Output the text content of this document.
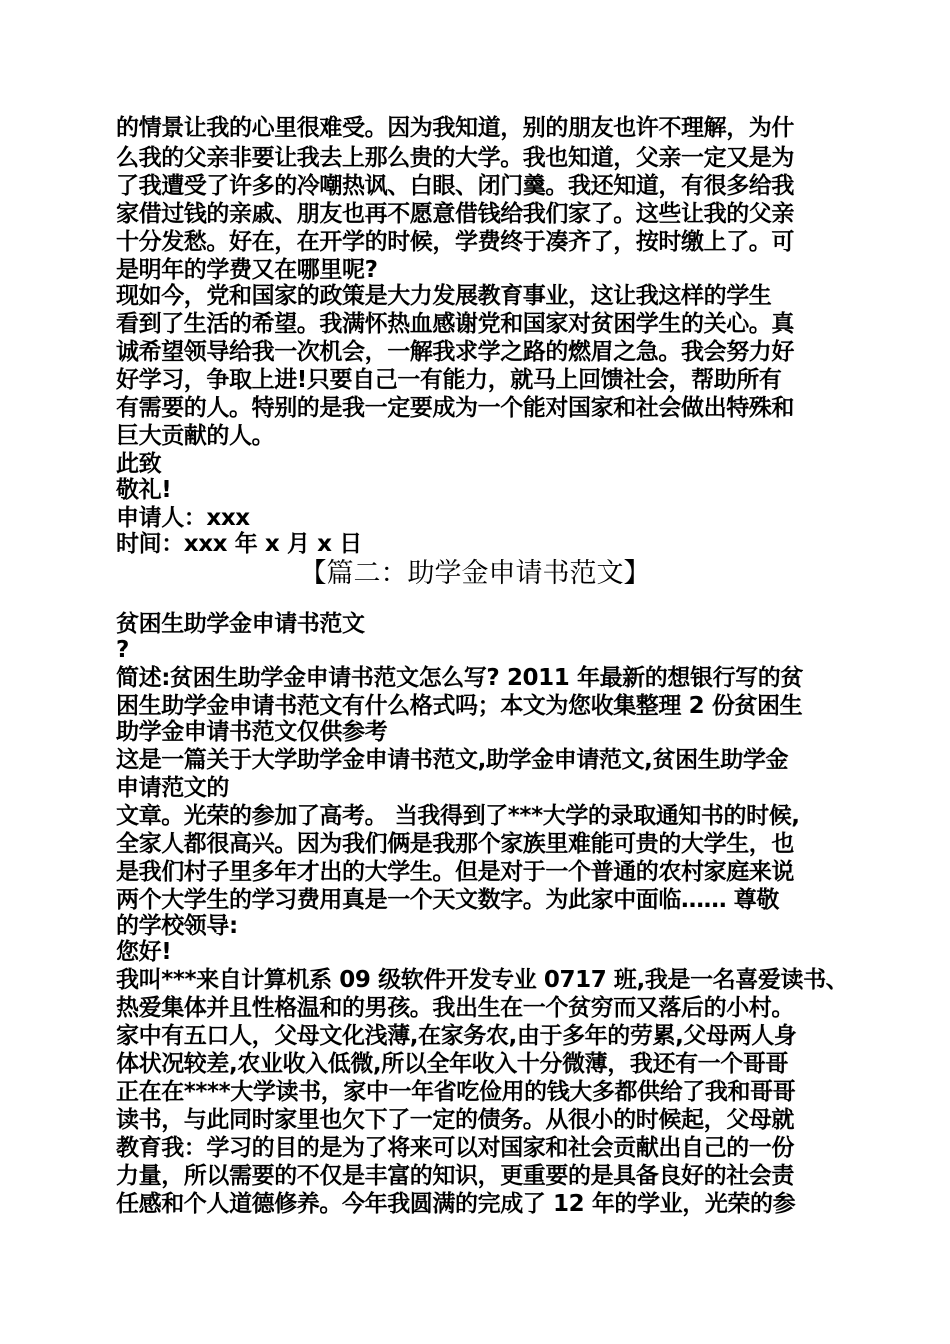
的情景让我的心里很难受。因为我知道，别的朋友也许不理解，为什
么我的父亲非要让我去上那么贵的大学。我也知道，父亲一定又是为
了我遭受了许多的冷嘲热讽、白眼、闭门羹。我还知道，有很多给我
家借过钱的亲戚、朋友也再不愿意借钱给我们家了。这些让我的父亲
十分发愁。好在，在开学的时候，学费终于凑齐了，按时缴上了。可
是明年的学费又在哪里呢?
现如今，党和国家的政策是大力发展教育事业，这让我这样的学生
看到了生活的希望。我满怀热血感谢党和国家对贫困学生的关心。真
诚希望领导给我一次机会，一解我求学之路的燃眉之急。我会努力好
好学习，争取上进!只要自己一有能力，就马上回馈社会，帮助所有
有需要的人。特别的是我一定要成为一个能对国家和社会做出特殊和
巨大贡献的人。
此致
敬礼!
申请人：xxx
时间：xxx 年 x 月 x 日
【篇二：助学金申请书范文】
贫困生助学金申请书范文
?
简述:贫困生助学金申请书范文怎么写? 2011 年最新的想银行写的贫
困生助学金申请书范文有什么格式吗；本文为您收集整理 2 份贫困生
助学金申请书范文仅供参考
这是一篇关于大学助学金申请书范文,助学金申请范文,贫困生助学金
申请范文的
文章。光荣的参加了高考。 当我得到了***大学的录取通知书的时候,
全家人都很高兴。因为我们俩是我那个家族里难能可贵的大学生，也
是我们村子里多年才出的大学生。但是对于一个普通的农村家庭来说
两个大学生的学习费用真是一个天文数字。为此家中面临…… 尊敬
的学校领导:
您好!
我叫***来自计算机系 09 级软件开发专业 0717 班,我是一名喜爱读书、
热爱集体并且性格温和的男孩。我出生在一个贫穷而又落后的小村。
家中有五口人，父母文化浅薄,在家务农,由于多年的劳累,父母两人身
体状况较差,农业收入低微,所以全年收入十分微薄，我还有一个哥哥
正在在****大学读书，家中一年省吃俭用的钱大多都供给了我和哥哥
读书，与此同时家里也欠下了一定的债务。从很小的时候起，父母就
教育我：学习的目的是为了将来可以对国家和社会贡献出自己的一份
力量，所以需要的不仅是丰富的知识，更重要的是具备良好的社会责
任感和个人道德修养。今年我圆满的完成了 12 年的学业，光荣的参
